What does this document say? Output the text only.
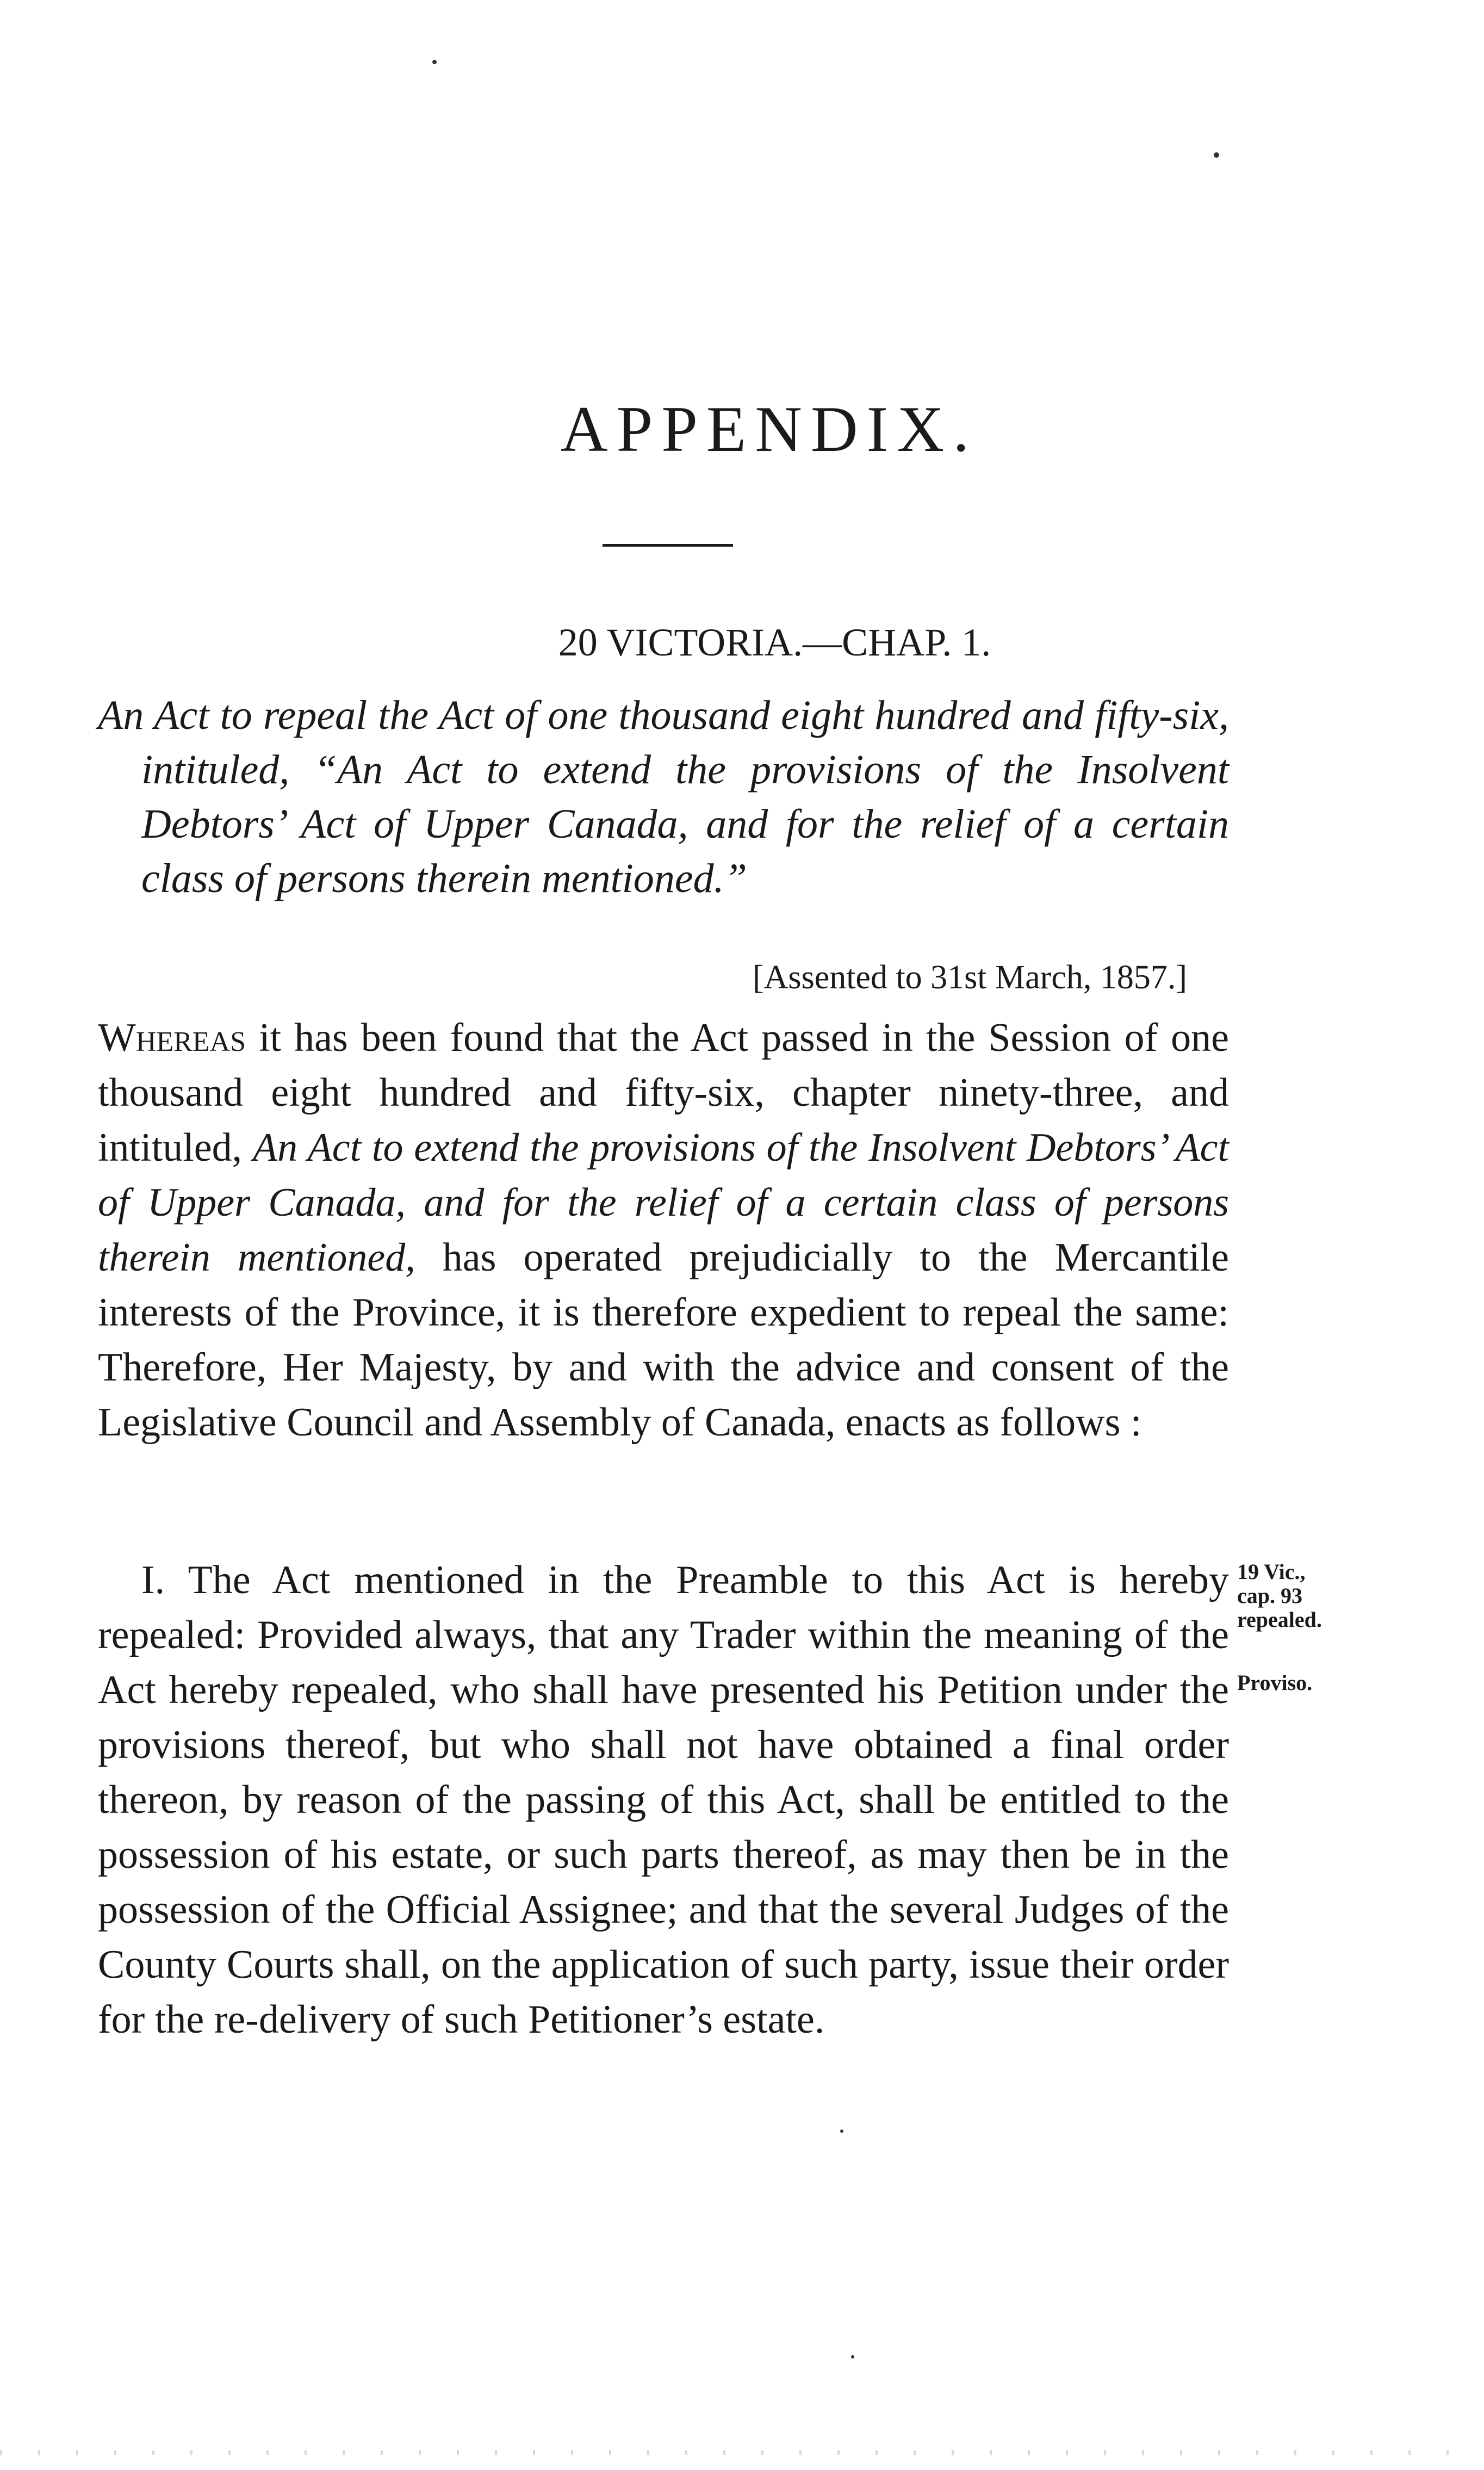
APPENDIX.
20 VICTORIA.—CHAP. 1.
An Act to repeal the Act of one thousand eight hundred and fifty-six, intituled, “An Act to extend the provisions of the Insolvent Debtors’ Act of Upper Canada, and for the relief of a certain class of persons therein mentioned.”
[Assented to 31st March, 1857.]
Whereas it has been found that the Act passed in the Session of one thousand eight hundred and fifty-six, chapter ninety-three, and intituled, An Act to extend the provisions of the Insolvent Debtors’ Act of Upper Canada, and for the relief of a certain class of persons therein mentioned, has operated prejudicially to the Mercantile interests of the Province, it is therefore expedient to repeal the same: Therefore, Her Majesty, by and with the advice and consent of the Legislative Council and Assembly of Canada, enacts as follows :
I. The Act mentioned in the Preamble to this Act is hereby repealed: Provided always, that any Trader within the meaning of the Act hereby repealed, who shall have presented his Petition under the provisions thereof, but who shall not have obtained a final order thereon, by reason of the passing of this Act, shall be entitled to the possession of his estate, or such parts thereof, as may then be in the possession of the Official Assignee; and that the several Judges of the County Courts shall, on the application of such party, issue their order for the re-delivery of such Petitioner’s estate.
19 Vic., cap. 93 repealed.
Proviso.
